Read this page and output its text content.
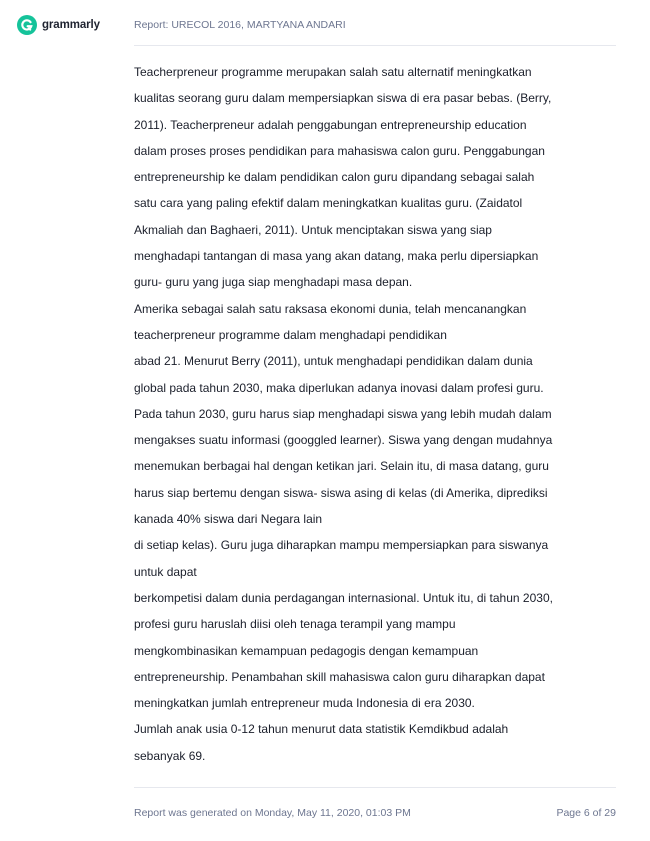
grammarly	Report: URECOL 2016, MARTYANA ANDARI
Teacherpreneur programme merupakan salah satu alternatif meningkatkan
kualitas seorang guru dalam mempersiapkan siswa di era pasar bebas. (Berry,
2011). Teacherpreneur adalah penggabungan entrepreneurship education
dalam proses proses pendidikan para mahasiswa calon guru. Penggabungan
entrepreneurship ke dalam pendidikan calon guru dipandang sebagai salah
satu cara yang paling efektif dalam meningkatkan kualitas guru. (Zaidatol
Akmaliah dan Baghaeri, 2011). Untuk menciptakan siswa yang siap
menghadapi tantangan di masa yang akan datang, maka perlu dipersiapkan
guru- guru yang juga siap menghadapi masa depan.
Amerika sebagai salah satu raksasa ekonomi dunia, telah mencanangkan
teacherpreneur programme dalam menghadapi pendidikan
abad 21. Menurut Berry (2011), untuk menghadapi pendidikan dalam dunia
global pada tahun 2030, maka diperlukan adanya inovasi dalam profesi guru.
Pada tahun 2030, guru harus siap menghadapi siswa yang lebih mudah dalam
mengakses suatu informasi (googgled learner). Siswa yang dengan mudahnya
menemukan berbagai hal dengan ketikan jari. Selain itu, di masa datang, guru
harus siap bertemu dengan siswa- siswa asing di kelas (di Amerika, diprediksi
kanada 40% siswa dari Negara lain
di setiap kelas). Guru juga diharapkan mampu mempersiapkan para siswanya
untuk dapat
berkompetisi dalam dunia perdagangan internasional. Untuk itu, di tahun 2030,
profesi guru haruslah diisi oleh tenaga terampil yang mampu
mengkombinasikan kemampuan pedagogis dengan kemampuan
entrepreneurship. Penambahan skill mahasiswa calon guru diharapkan dapat
meningkatkan jumlah entrepreneur muda Indonesia di era 2030.
Jumlah anak usia 0-12 tahun menurut data statistik Kemdikbud adalah
sebanyak 69.
Report was generated on Monday, May 11, 2020, 01:03 PM	Page 6 of 29
